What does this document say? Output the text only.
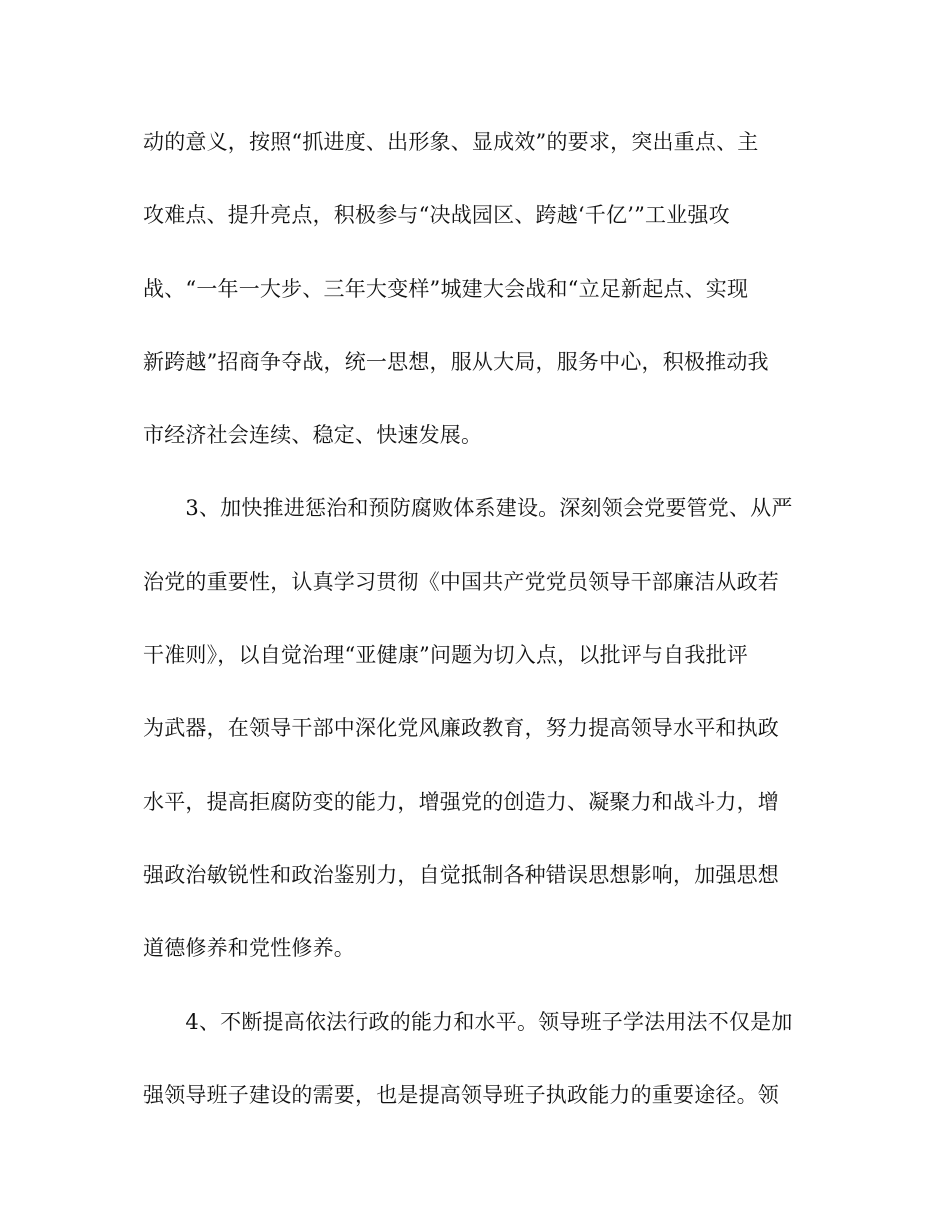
动的意义，按照“抓进度、出形象、显成效”的要求，突出重点、主
攻难点、提升亮点，积极参与“决战园区、跨越‘千亿’”工业强攻
战、“一年一大步、三年大变样”城建大会战和“立足新起点、实现
新跨越”招商争夺战，统一思想，服从大局，服务中心，积极推动我
市经济社会连续、稳定、快速发展。
　　3、加快推进惩治和预防腐败体系建设。深刻领会党要管党、从严
治党的重要性，认真学习贯彻《中国共产党党员领导干部廉洁从政若
干准则》，以自觉治理“亚健康”问题为切入点，以批评与自我批评
为武器，在领导干部中深化党风廉政教育，努力提高领导水平和执政
水平，提高拒腐防变的能力，增强党的创造力、凝聚力和战斗力，增
强政治敏锐性和政治鉴别力，自觉抵制各种错误思想影响，加强思想
道德修养和党性修养。
　　4、不断提高依法行政的能力和水平。领导班子学法用法不仅是加
强领导班子建设的需要，也是提高领导班子执政能力的重要途径。领
